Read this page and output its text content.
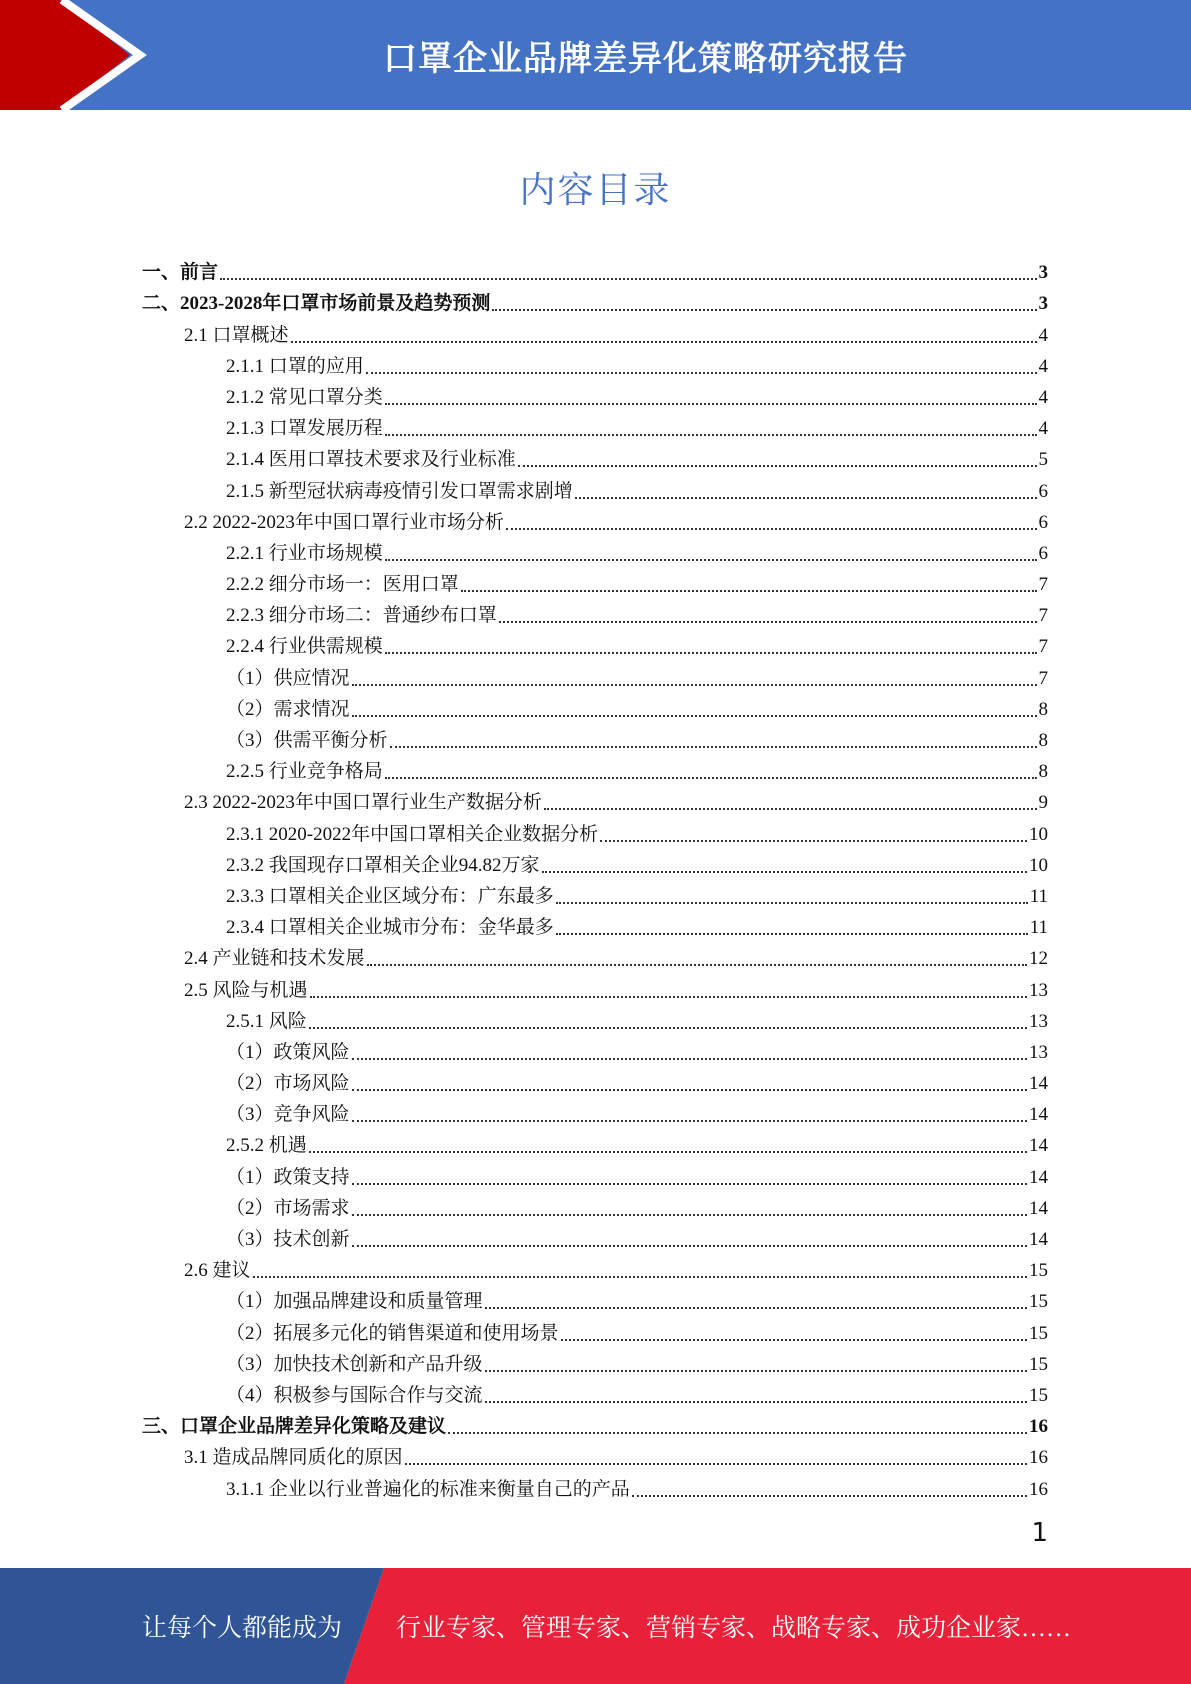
口罩企业品牌差异化策略研究报告
内容目录
一、前言	3
二、2023-2028年口罩市场前景及趋势预测	3
2.1 口罩概述	4
2.1.1 口罩的应用	4
2.1.2 常见口罩分类	4
2.1.3 口罩发展历程	4
2.1.4 医用口罩技术要求及行业标准	5
2.1.5 新型冠状病毒疫情引发口罩需求剧增	6
2.2 2022-2023年中国口罩行业市场分析	6
2.2.1 行业市场规模	6
2.2.2 细分市场一：医用口罩	7
2.2.3 细分市场二：普通纱布口罩	7
2.2.4 行业供需规模	7
（1）供应情况	7
（2）需求情况	8
（3）供需平衡分析	8
2.2.5 行业竞争格局	8
2.3 2022-2023年中国口罩行业生产数据分析	9
2.3.1 2020-2022年中国口罩相关企业数据分析	10
2.3.2 我国现存口罩相关企业94.82万家	10
2.3.3 口罩相关企业区域分布：广东最多	11
2.3.4 口罩相关企业城市分布：金华最多	11
2.4 产业链和技术发展	12
2.5 风险与机遇	13
2.5.1 风险	13
（1）政策风险	13
（2）市场风险	14
（3）竞争风险	14
2.5.2 机遇	14
（1）政策支持	14
（2）市场需求	14
（3）技术创新	14
2.6 建议	15
（1）加强品牌建设和质量管理	15
（2）拓展多元化的销售渠道和使用场景	15
（3）加快技术创新和产品升级	15
（4）积极参与国际合作与交流	15
三、口罩企业品牌差异化策略及建议	16
3.1 造成品牌同质化的原因	16
3.1.1 企业以行业普遍化的标准来衡量自己的产品	16
1
让每个人都能成为 行业专家、管理专家、营销专家、战略专家、成功企业家……
